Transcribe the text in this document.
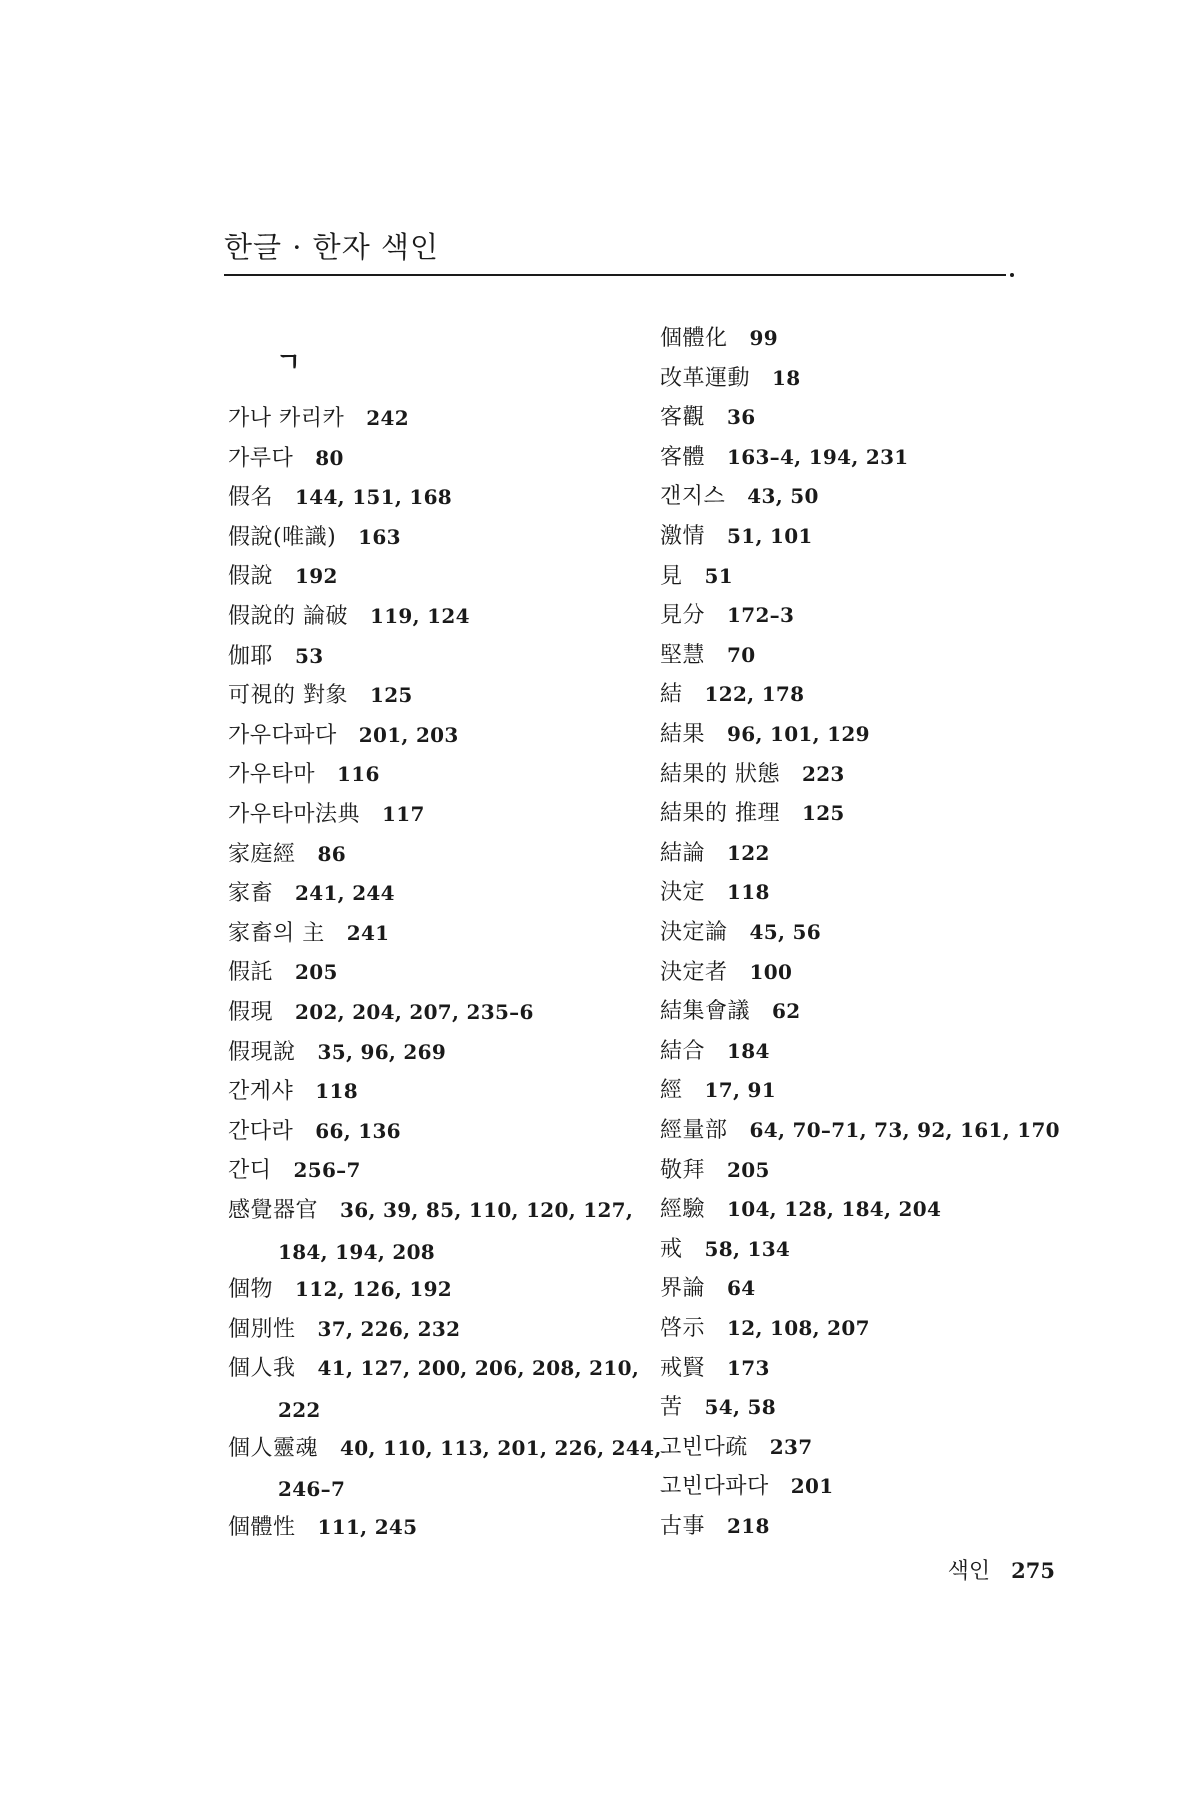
한글 · 한자 색인
ㄱ
가나 카리카 242
가루다 80
假名 144, 151, 168
假說(唯識) 163
假說 192
假說的 論破 119, 124
伽耶 53
可視的 對象 125
가우다파다 201, 203
가우타마 116
가우타마法典 117
家庭經 86
家畜 241, 244
家畜의 主 241
假託 205
假現 202, 204, 207, 235–6
假現說 35, 96, 269
간게샤 118
간다라 66, 136
간디 256–7
感覺器官 36, 39, 85, 110, 120, 127,
184, 194, 208
個物 112, 126, 192
個別性 37, 226, 232
個人我 41, 127, 200, 206, 208, 210,
222
個人靈魂 40, 110, 113, 201, 226, 244,
246–7
個體性 111, 245
個體化 99
改革運動 18
客觀 36
客體 163–4, 194, 231
갠지스 43, 50
激情 51, 101
見 51
見分 172–3
堅慧 70
結 122, 178
結果 96, 101, 129
結果的 狀態 223
結果的 推理 125
結論 122
決定 118
決定論 45, 56
決定者 100
結集會議 62
結合 184
經 17, 91
經量部 64, 70–71, 73, 92, 161, 170
敬拜 205
經驗 104, 128, 184, 204
戒 58, 134
界論 64
啓示 12, 108, 207
戒賢 173
苦 54, 58
고빈다疏 237
고빈다파다 201
古事 218
색인 275
